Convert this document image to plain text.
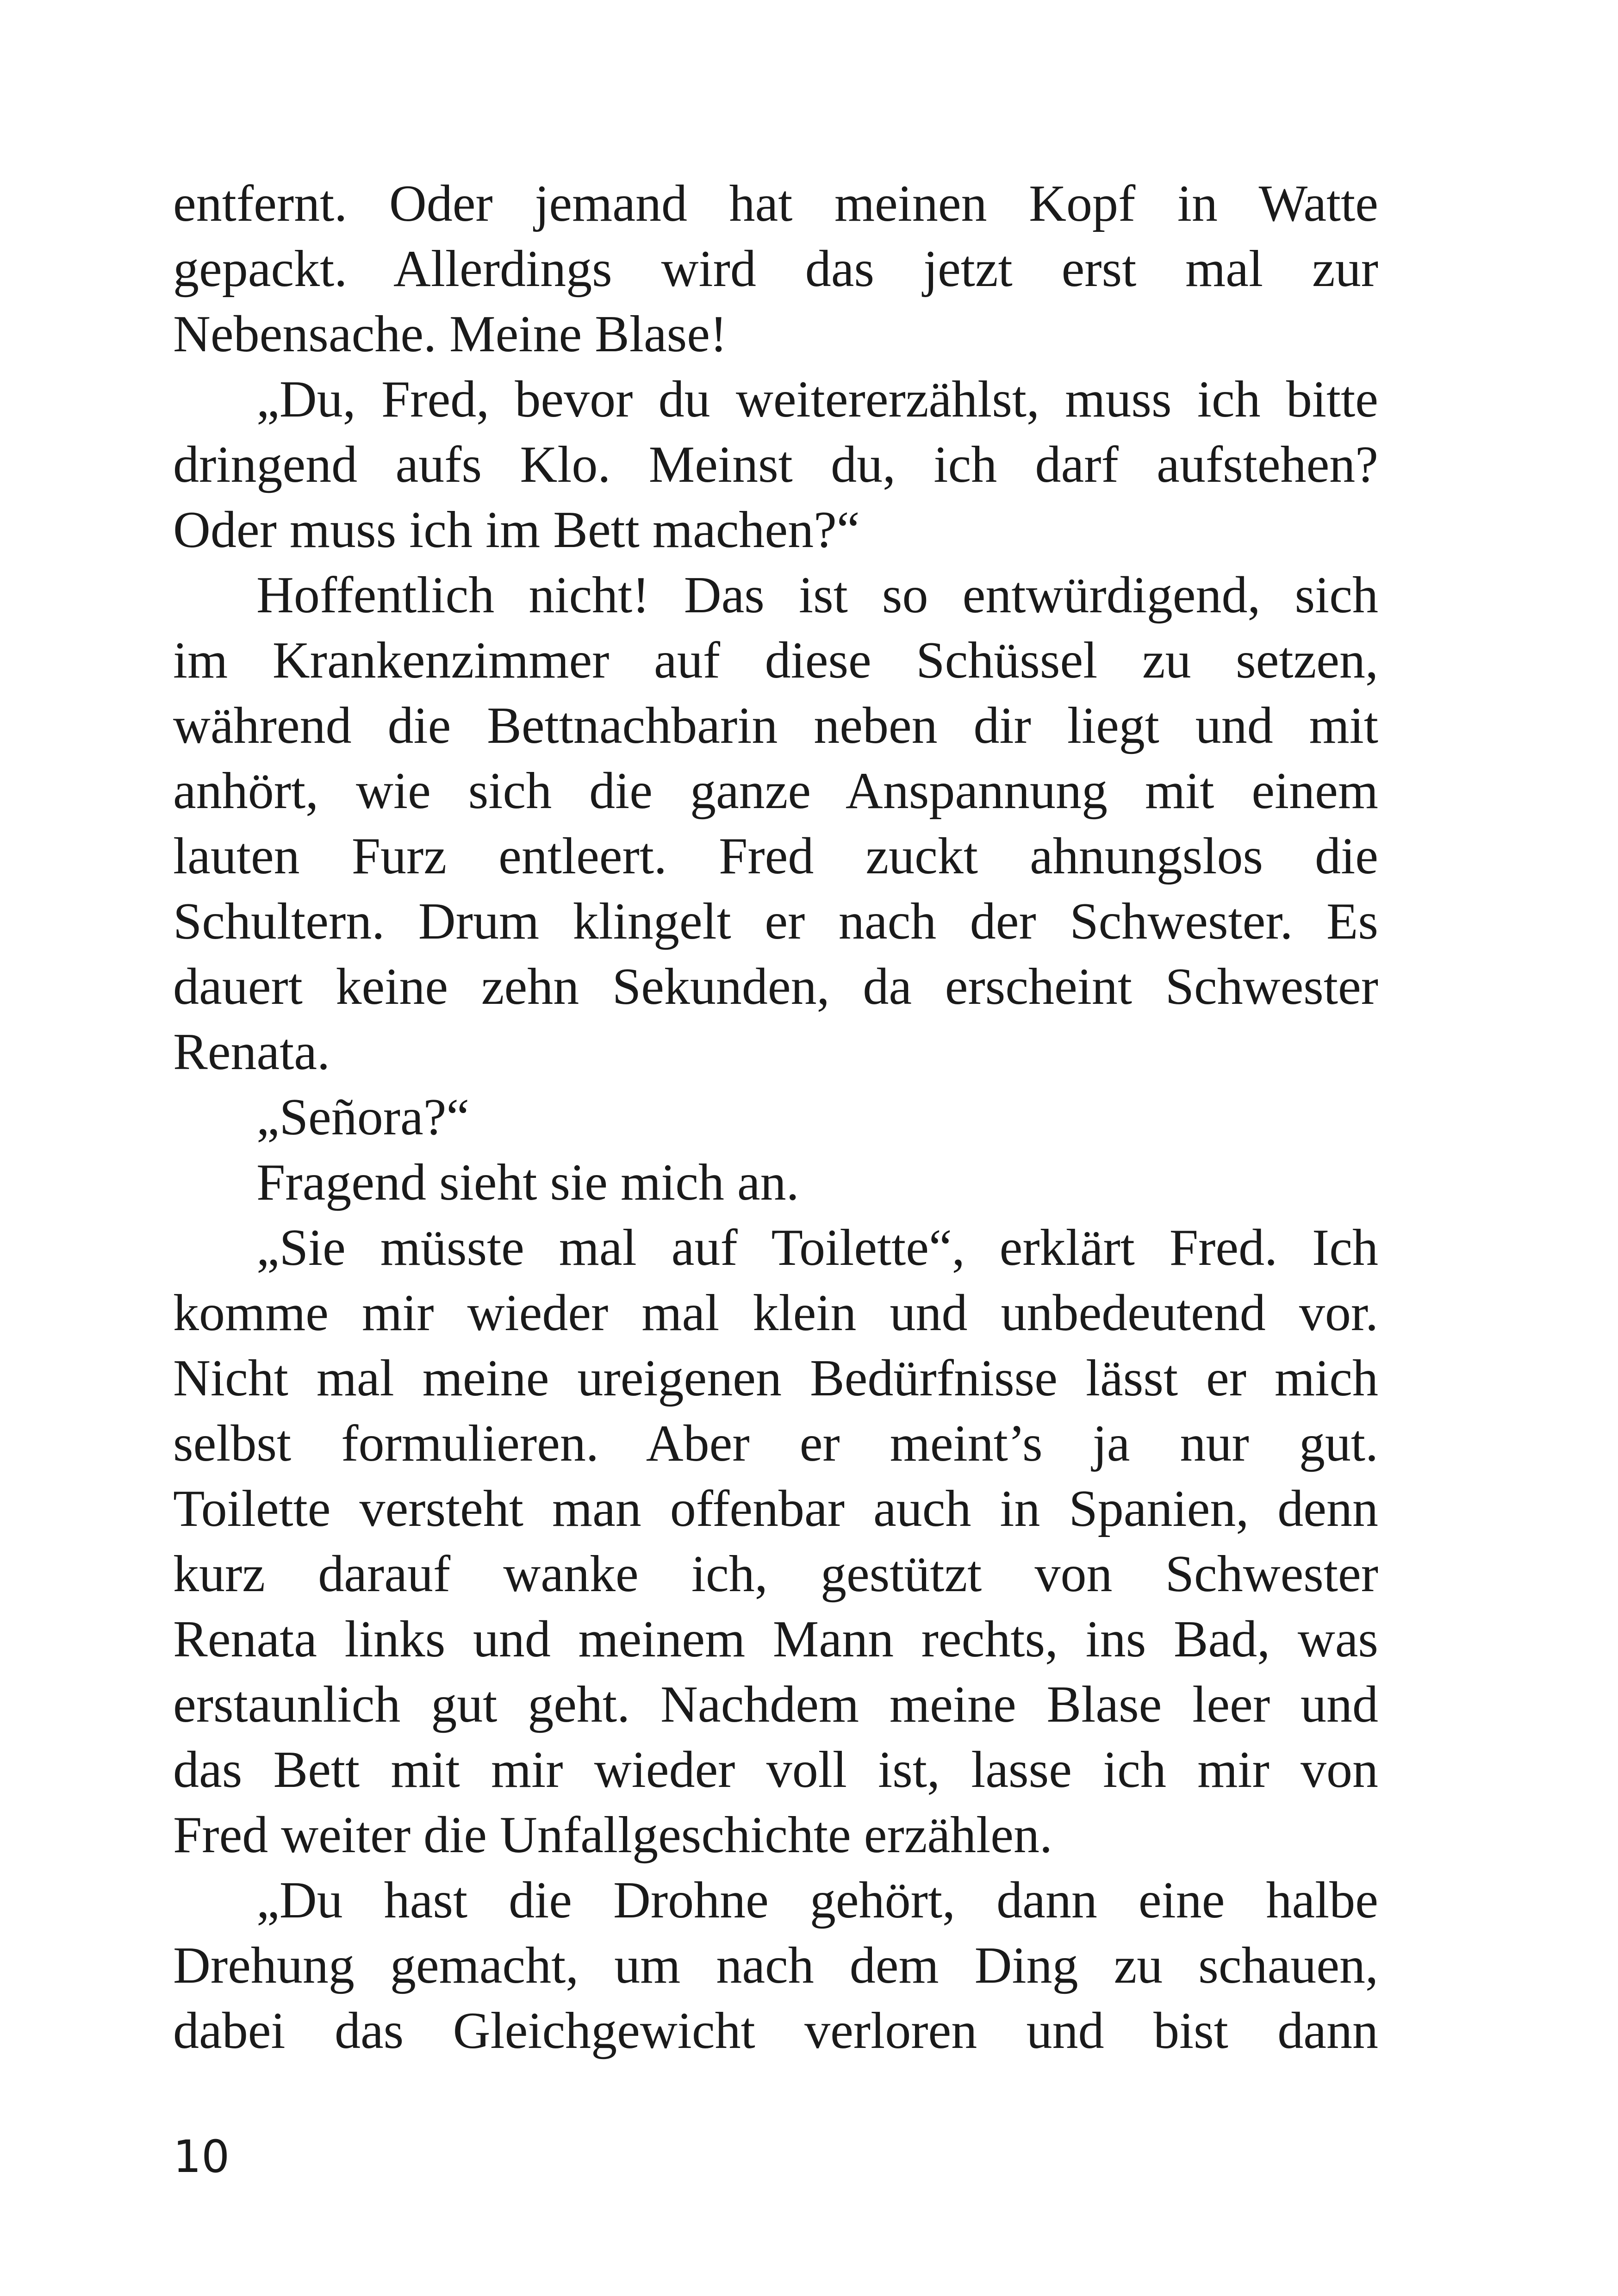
entfernt. Oder jemand hat meinen Kopf in Watte
gepackt. Allerdings wird das jetzt erst mal zur
Nebensache. Meine Blase!
„Du, Fred, bevor du weitererzählst, muss ich bitte
dringend aufs Klo. Meinst du, ich darf aufstehen?
Oder muss ich im Bett machen?“
Hoffentlich nicht! Das ist so entwürdigend, sich
im Krankenzimmer auf diese Schüssel zu setzen,
während die Bettnachbarin neben dir liegt und mit
anhört, wie sich die ganze Anspannung mit einem
lauten Furz entleert. Fred zuckt ahnungslos die
Schultern. Drum klingelt er nach der Schwester. Es
dauert keine zehn Sekunden, da erscheint Schwester
Renata.
„Señora?“
Fragend sieht sie mich an.
„Sie müsste mal auf Toilette“, erklärt Fred. Ich
komme mir wieder mal klein und unbedeutend vor.
Nicht mal meine ureigenen Bedürfnisse lässt er mich
selbst formulieren. Aber er meint’s ja nur gut.
Toilette versteht man offenbar auch in Spanien, denn
kurz darauf wanke ich, gestützt von Schwester
Renata links und meinem Mann rechts, ins Bad, was
erstaunlich gut geht. Nachdem meine Blase leer und
das Bett mit mir wieder voll ist, lasse ich mir von
Fred weiter die Unfallgeschichte erzählen.
„Du hast die Drohne gehört, dann eine halbe
Drehung gemacht, um nach dem Ding zu schauen,
dabei das Gleichgewicht verloren und bist dann
10
